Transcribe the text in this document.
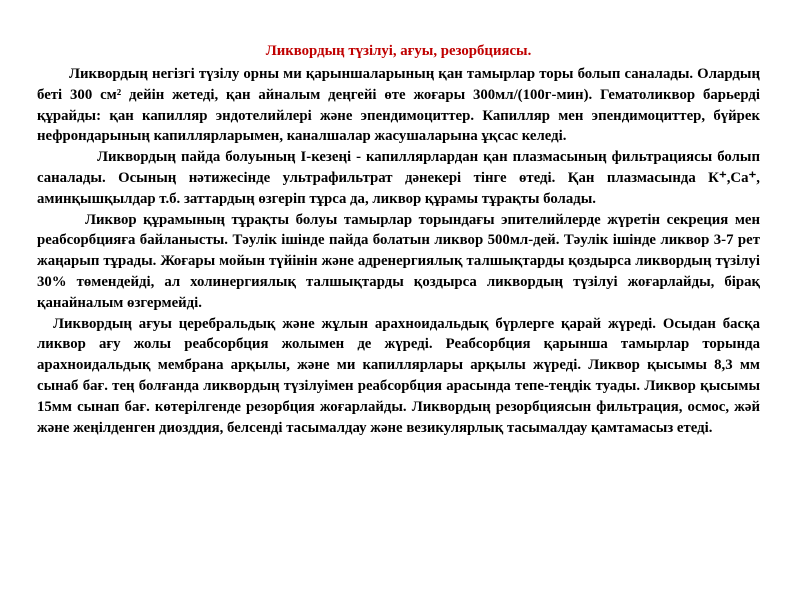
Ликвордың түзілуі, ағуы, резорбциясы.

Ликвордың негізгі түзілу орны ми қарыншаларының қан тамырлар торы болып саналады. Олардың беті 300 см² дейін жетеді, қан айналым деңгейі өте жоғары 300мл/(100г-мин). Гематоликвор барьерді құрайды: қан капилляр эндотелийлері және эпендимоциттер. Капилляр мен эпендимоциттер, бүйрек нефрондарының капиллярларымен, каналшалар жасушаларына ұқсас келеді.

Ликвордың пайда болуының І-кезеңі - капиллярлардан қан плазмасының фильтрациясы болып саналады. Осының нәтижесінде ультрафильтрат дәнекері тінге өтеді. Қан плазмасында К⁺,Са⁺, аминқышқылдар т.б. заттардың өзгеріп тұрса да, ликвор құрамы тұрақты болады.

Ликвор құрамының тұрақты болуы тамырлар торындағы эпителийлерде жүретін секреция мен реабсорбцияға байланысты. Тәулік ішінде пайда болатын ликвор 500мл-дей. Тәулік ішінде ликвор 3-7 рет жаңарып тұрады. Жоғары мойын түйінін және адренергиялық талшықтарды қоздырса ликвордың түзілуі 30% төмендейді, ал холинергиялық талшықтарды қоздырса ликвордың түзілуі жоғарлайды, бірақ қанайналым өзгермейді.

Ликвордың ағуы церебральдық және жұлын арахноидальдық бүрлерге қарай жүреді. Осыдан басқа ликвор ағу жолы реабсорбция жолымен де жүреді. Реабсорбция қарынша тамырлар торында арахноидальдық мембрана арқылы, және ми капиллярлары арқылы жүреді. Ликвор қысымы 8,3 мм сынаб бағ. тең болғанда ликвордың түзілуімен реабсорбция арасында тепе-теңдік туады. Ликвор қысымы 15мм сынап бағ. көтерілгенде резорбция жоғарлайды. Ликвордың резорбциясын фильтрация, осмос, жәй және жеңілденген диозддия, белсенді тасымалдау және везикулярлық тасымалдау қамтамасыз етеді.
